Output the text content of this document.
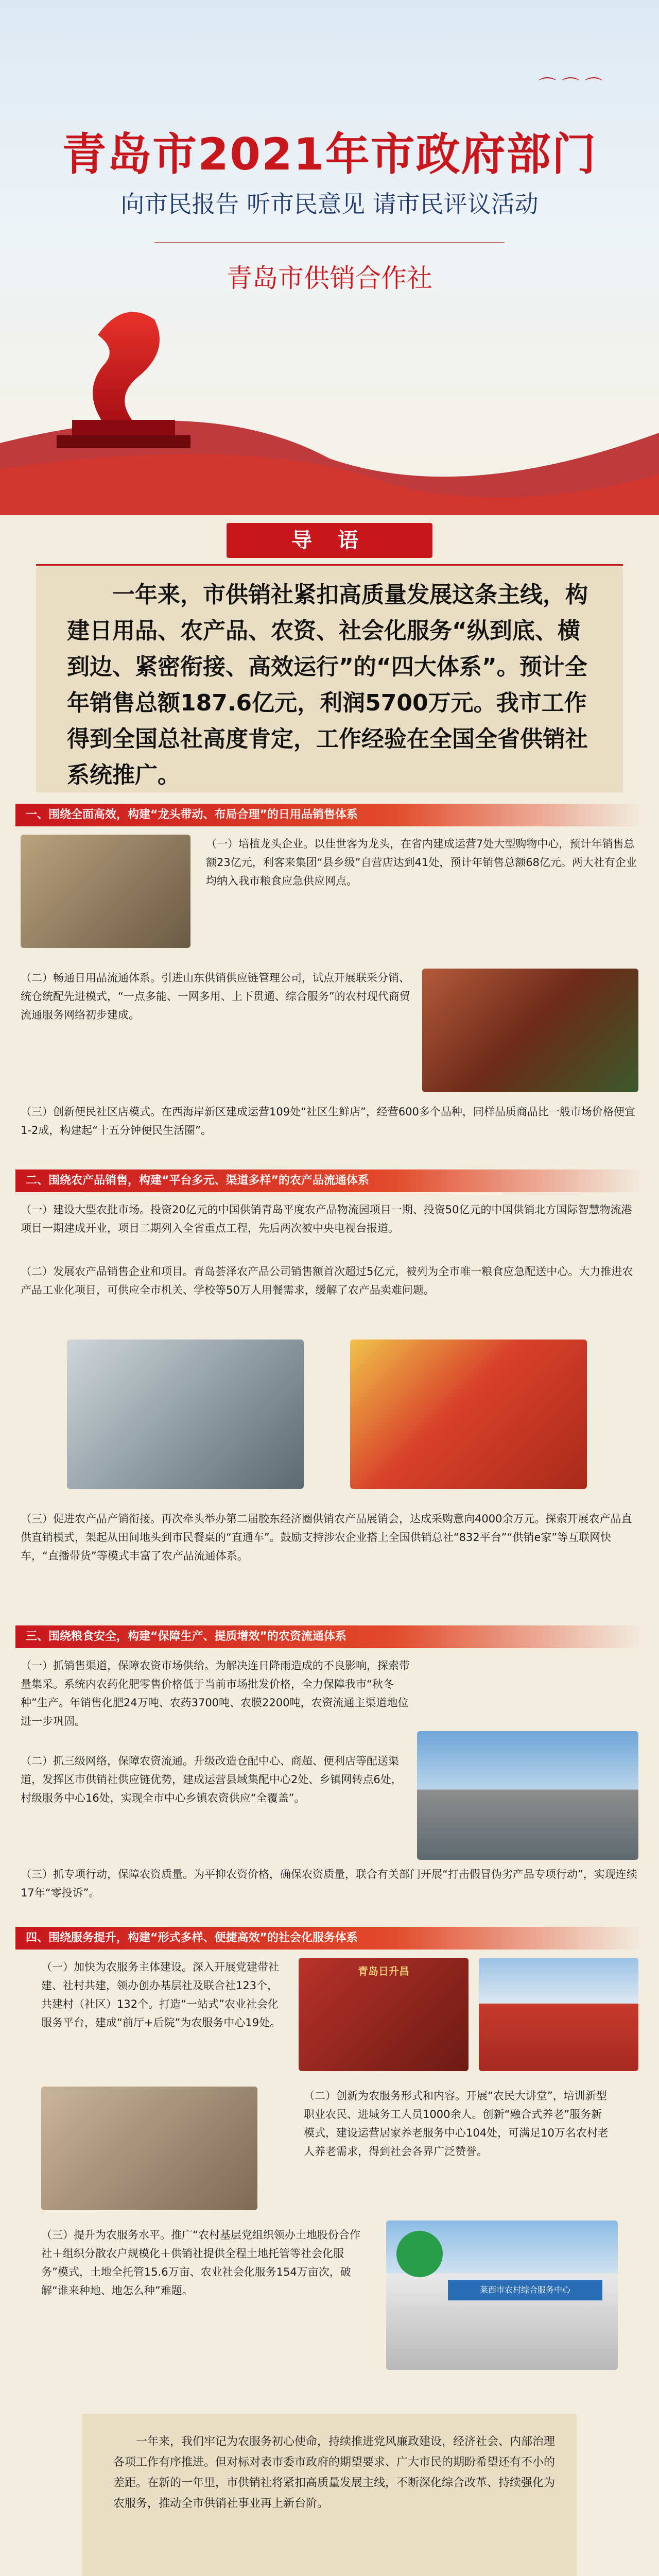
⌒ ⌒ ⌒
青岛市2021年市政府部门
向市民报告 听市民意见 请市民评议活动
青岛市供销合作社
导 语
一年来，市供销社紧扣高质量发展这条主线，构建日用品、农产品、农资、社会化服务“纵到底、横到边、紧密衔接、高效运行”的“四大体系”。预计全年销售总额187.6亿元，利润5700万元。我市工作得到全国总社高度肯定，工作经验在全国全省供销社系统推广。
一、围绕全面高效，构建“龙头带动、布局合理”的日用品销售体系
（一）培植龙头企业。以佳世客为龙头，在省内建成运营7处大型购物中心，预计年销售总额23亿元，利客来集团“县乡级”自营店达到41处，预计年销售总额68亿元。两大社有企业均纳入我市粮食应急供应网点。
（二）畅通日用品流通体系。引进山东供销供应链管理公司，试点开展联采分销、统仓统配先进模式，“一点多能、一网多用、上下贯通、综合服务”的农村现代商贸流通服务网络初步建成。
（三）创新便民社区店模式。在西海岸新区建成运营109处“社区生鲜店”，经营600多个品种，同样品质商品比一般市场价格便宜1-2成，构建起“十五分钟便民生活圈”。
二、围绕农产品销售，构建“平台多元、渠道多样”的农产品流通体系
（一）建设大型农批市场。投资20亿元的中国供销青岛平度农产品物流园项目一期、投资50亿元的中国供销北方国际智慧物流港项目一期建成开业，项目二期列入全省重点工程，先后两次被中央电视台报道。
（二）发展农产品销售企业和项目。青岛荟泽农产品公司销售额首次超过5亿元，被列为全市唯一粮食应急配送中心。大力推进农产品工业化项目，可供应全市机关、学校等50万人用餐需求，缓解了农产品卖难问题。
（三）促进农产品产销衔接。再次牵头举办第二届胶东经济圈供销农产品展销会，达成采购意向4000余万元。探索开展农产品直供直销模式，架起从田间地头到市民餐桌的“直通车”。鼓励支持涉农企业搭上全国供销总社“832平台”“供销e家”等互联网快车，“直播带货”等模式丰富了农产品流通体系。
三、围绕粮食安全，构建“保障生产、提质增效”的农资流通体系
（一）抓销售渠道，保障农资市场供给。为解决连日降雨造成的不良影响，探索带量集采。系统内农药化肥零售价格低于当前市场批发价格，全力保障我市“秋冬种”生产。年销售化肥24万吨、农药3700吨、农膜2200吨，农资流通主渠道地位进一步巩固。
（二）抓三级网络，保障农资流通。升级改造仓配中心、商超、便利店等配送渠道，发挥区市供销社供应链优势，建成运营县域集配中心2处、乡镇网转点6处，村级服务中心16处，实现全市中心乡镇农资供应“全覆盖”。
（三）抓专项行动，保障农资质量。为平抑农资价格，确保农资质量，联合有关部门开展“打击假冒伪劣产品专项行动”，实现连续17年“零投诉”。
四、围绕服务提升，构建“形式多样、便捷高效”的社会化服务体系
（一）加快为农服务主体建设。深入开展党建带社建、社村共建，领办创办基层社及联合社123个，共建村（社区）132个。打造“一站式”农业社会化服务平台，建成“前厅+后院”为农服务中心19处。
青岛日升昌
（二）创新为农服务形式和内容。开展“农民大讲堂”，培训新型职业农民、进城务工人员1000余人。创新“融合式养老”服务新模式，建设运营居家养老服务中心104处，可满足10万名农村老人养老需求，得到社会各界广泛赞誉。
（三）提升为农服务水平。推广“农村基层党组织领办土地股份合作社＋组织分散农户规模化＋供销社提供全程土地托管等社会化服务”模式，土地全托管15.6万亩、农业社会化服务154万亩次，破解“谁来种地、地怎么种”难题。	莱西市农村综合服务中心
一年来，我们牢记为农服务初心使命，持续推进党风廉政建设，经济社会、内部治理各项工作有序推进。但对标对表市委市政府的期望要求、广大市民的期盼希望还有不小的差距。在新的一年里，市供销社将紧扣高质量发展主线，不断深化综合改革、持续强化为农服务，推动全市供销社事业再上新台阶。
